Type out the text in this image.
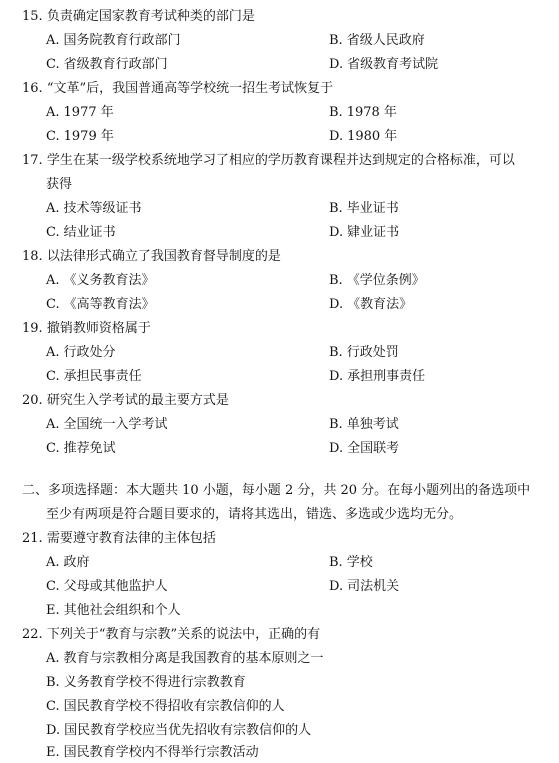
15. 负责确定国家教育考试种类的部门是
A. 国务院教育行政部门	B. 省级人民政府
C. 省级教育行政部门	D. 省级教育考试院
16. “文革”后，我国普通高等学校统一招生考试恢复于
A. 1977 年	B. 1978 年
C. 1979 年	D. 1980 年
17. 学生在某一级学校系统地学习了相应的学历教育课程并达到规定的合格标准，可以
获得
A. 技术等级证书	B. 毕业证书
C. 结业证书	D. 肄业证书
18. 以法律形式确立了我国教育督导制度的是
A. 《义务教育法》	B. 《学位条例》
C. 《高等教育法》	D. 《教育法》
19. 撤销教师资格属于
A. 行政处分	B. 行政处罚
C. 承担民事责任	D. 承担刑事责任
20. 研究生入学考试的最主要方式是
A. 全国统一入学考试	B. 单独考试
C. 推荐免试	D. 全国联考
二、多项选择题：本大题共 10 小题，每小题 2 分，共 20 分。在每小题列出的备选项中
至少有两项是符合题目要求的，请将其选出，错选、多选或少选均无分。
21. 需要遵守教育法律的主体包括
A. 政府	B. 学校
C. 父母或其他监护人	D. 司法机关
E. 其他社会组织和个人
22. 下列关于“教育与宗教”关系的说法中，正确的有
A. 教育与宗教相分离是我国教育的基本原则之一
B. 义务教育学校不得进行宗教教育
C. 国民教育学校不得招收有宗教信仰的人
D. 国民教育学校应当优先招收有宗教信仰的人
E. 国民教育学校内不得举行宗教活动
